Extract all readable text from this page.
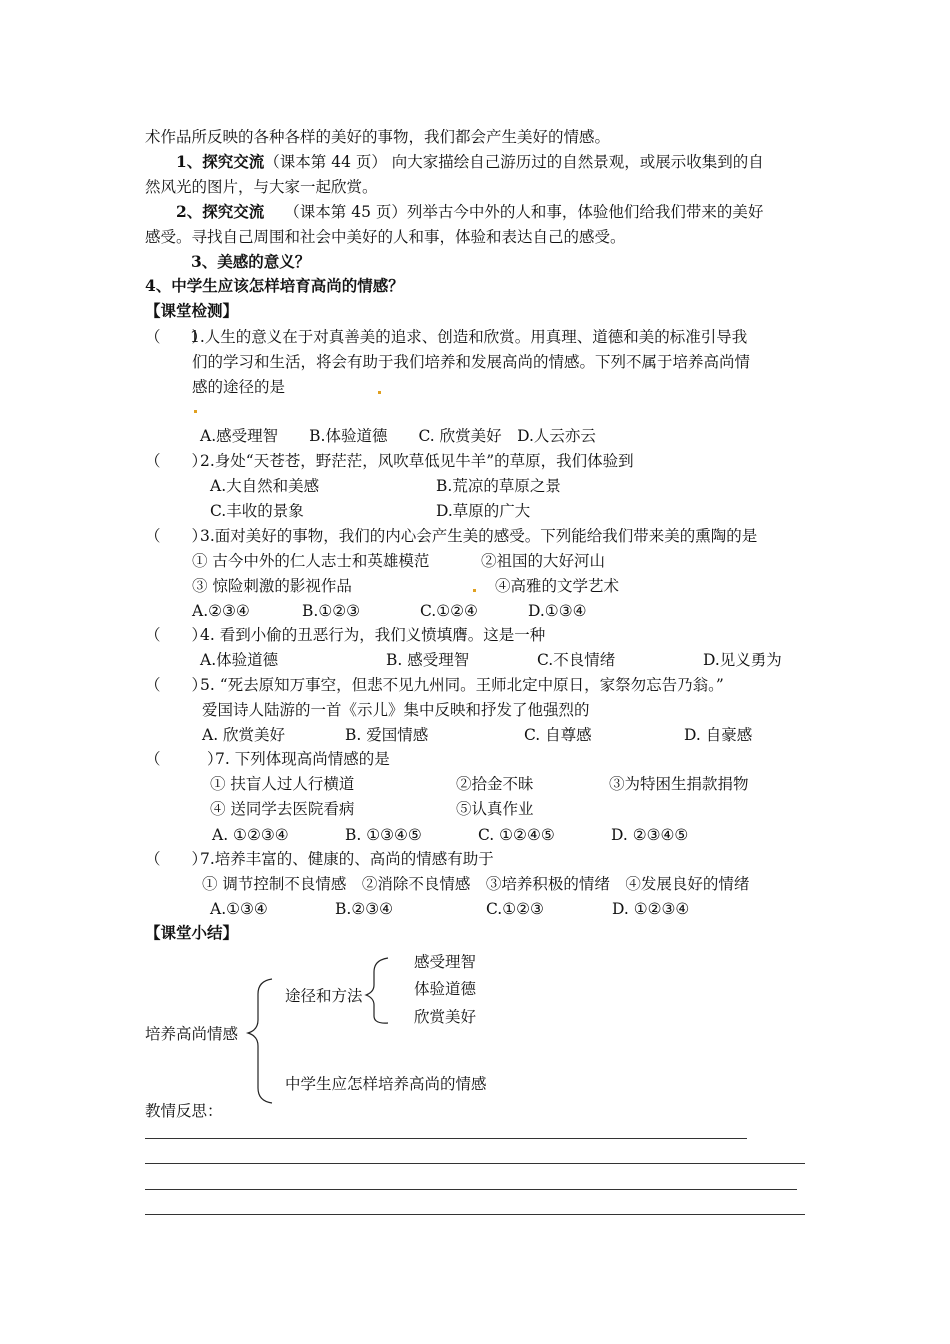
术作品所反映的各种各样的美好的事物，我们都会产生美好的情感。
1、探究交流（课本第 44 页） 向大家描绘自己游历过的自然景观，或展示收集到的自
然风光的图片，与大家一起欣赏。
2、探究交流 （课本第 45 页）列举古今中外的人和事，体验他们给我们带来的美好
感受。寻找自己周围和社会中美好的人和事，体验和表达自己的感受。
3、美感的意义？
4、中学生应该怎样培育高尚的情感？
【课堂检测】
（　　）
1.人生的意义在于对真善美的追求、创造和欣赏。用真理、道德和美的标准引导我
们的学习和生活，将会有助于我们培养和发展高尚的情感。下列不属于培养高尚情
感的途径的是
A.感受理智　　B.体验道德　　C. 欣赏美好　D.人云亦云
（　　）
2.身处“天苍苍，野茫茫，风吹草低见牛羊”的草原，我们体验到
A.大自然和美感	B.荒凉的草原之景
C.丰收的景象	D.草原的广大
（　　）
3.面对美好的事物，我们的内心会产生美的感受。下列能给我们带来美的熏陶的是
① 古今中外的仁人志士和英雄模范	②祖国的大好河山
③ 惊险刺激的影视作品	④高雅的文学艺术
A.②③④	B.①②③	C.①②④	D.①③④
（　　）
4. 看到小偷的丑恶行为，我们义愤填膺。这是一种
A.体验道德	B. 感受理智	C.不良情绪	D.见义勇为
（　　）
5. “死去原知万事空，但悲不见九州同。王师北定中原日，家祭勿忘告乃翁。”
爱国诗人陆游的一首《示儿》集中反映和抒发了他强烈的
A. 欣赏美好	B. 爱国情感	C. 自尊感	D. 自豪感
（　　　）
7. 下列体现高尚情感的是
① 扶盲人过人行横道	②拾金不昧	③为特困生捐款捐物
④ 送同学去医院看病	⑤认真作业
A. ①②③④	B. ①③④⑤	C. ①②④⑤	D. ②③④⑤
（　　）
7.培养丰富的、健康的、高尚的情感有助于
① 调节控制不良情感　②消除不良情感　③培养积极的情绪　④发展良好的情绪
A.①③④	B.②③④	C.①②③	D. ①②③④
【课堂小结】
培养高尚情感
途径和方法
感受理智
体验道德
欣赏美好
中学生应怎样培养高尚的情感
教情反思：
